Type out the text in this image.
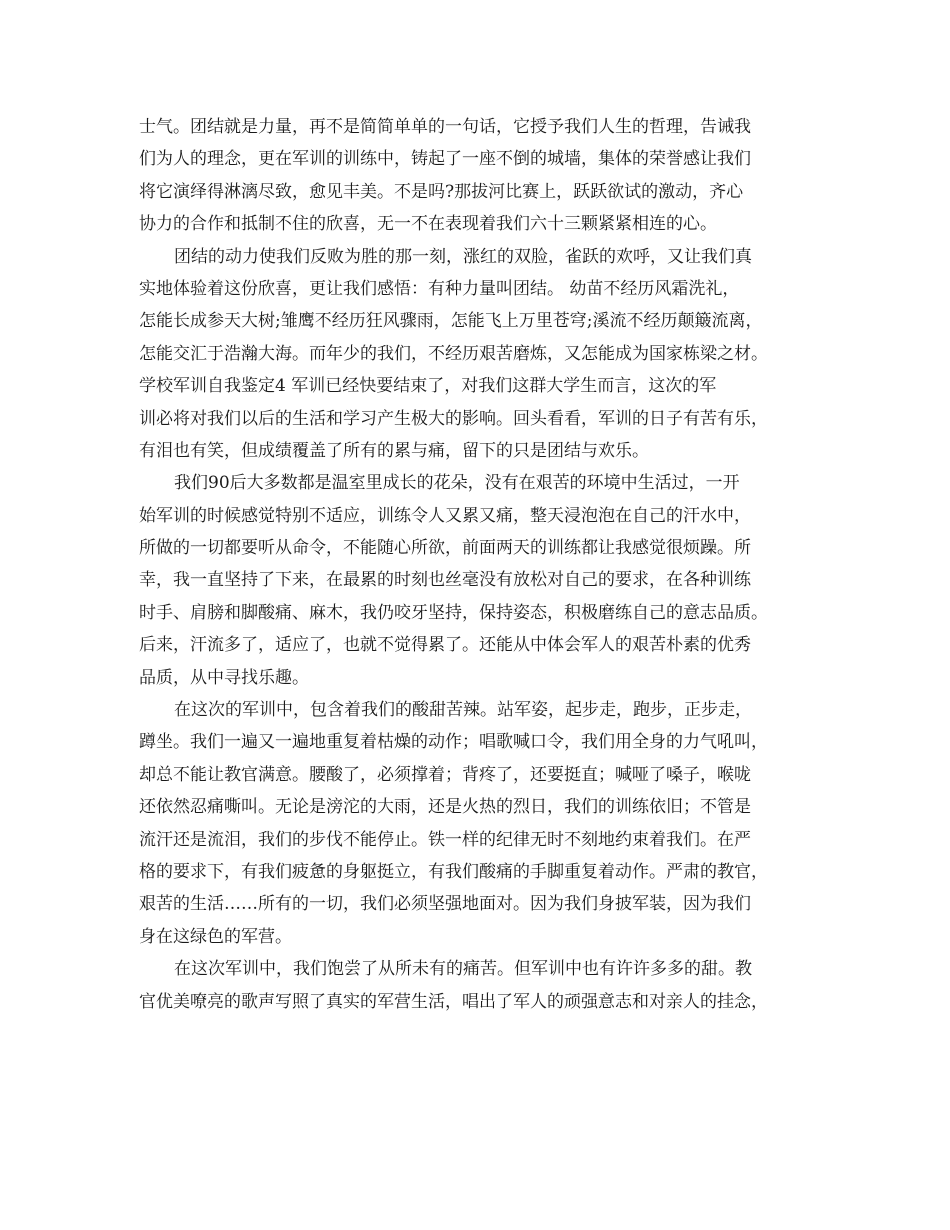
士气。团结就是力量，再不是简简单单的一句话，它授予我们人生的哲理，告诫我
们为人的理念，更在军训的训练中，铸起了一座不倒的城墙，集体的荣誉感让我们
将它演绎得淋漓尽致，愈见丰美。不是吗?那拔河比赛上，跃跃欲试的激动，齐心
协力的合作和抵制不住的欣喜，无一不在表现着我们六十三颗紧紧相连的心。
团结的动力使我们反败为胜的那一刻，涨红的双脸，雀跃的欢呼，又让我们真
实地体验着这份欣喜，更让我们感悟：有种力量叫团结。 幼苗不经历风霜洗礼，
怎能长成参天大树;雏鹰不经历狂风骤雨，怎能飞上万里苍穹;溪流不经历颠簸流离，
怎能交汇于浩瀚大海。而年少的我们，不经历艰苦磨炼，又怎能成为国家栋梁之材。
学校军训自我鉴定4 军训已经快要结束了，对我们这群大学生而言，这次的军
训必将对我们以后的生活和学习产生极大的影响。回头看看，军训的日子有苦有乐，
有泪也有笑，但成绩覆盖了所有的累与痛，留下的只是团结与欢乐。
我们90后大多数都是温室里成长的花朵，没有在艰苦的环境中生活过，一开
始军训的时候感觉特别不适应，训练令人又累又痛，整天浸泡泡在自己的汗水中，
所做的一切都要听从命令，不能随心所欲，前面两天的训练都让我感觉很烦躁。所
幸，我一直坚持了下来，在最累的时刻也丝毫没有放松对自己的要求，在各种训练
时手、肩膀和脚酸痛、麻木，我仍咬牙坚持，保持姿态，积极磨练自己的意志品质。
后来，汗流多了，适应了，也就不觉得累了。还能从中体会军人的艰苦朴素的优秀
品质，从中寻找乐趣。
在这次的军训中，包含着我们的酸甜苦辣。站军姿，起步走，跑步，正步走，
蹲坐。我们一遍又一遍地重复着枯燥的动作；唱歌喊口令，我们用全身的力气吼叫，
却总不能让教官满意。腰酸了，必须撑着；背疼了，还要挺直；喊哑了嗓子，喉咙
还依然忍痛嘶叫。无论是滂沱的大雨，还是火热的烈日，我们的训练依旧；不管是
流汗还是流泪，我们的步伐不能停止。铁一样的纪律无时不刻地约束着我们。在严
格的要求下，有我们疲惫的身躯挺立，有我们酸痛的手脚重复着动作。严肃的教官，
艰苦的生活……所有的一切，我们必须坚强地面对。因为我们身披军装，因为我们
身在这绿色的军营。
在这次军训中，我们饱尝了从所未有的痛苦。但军训中也有许许多多的甜。教
官优美嘹亮的歌声写照了真实的军营生活，唱出了军人的顽强意志和对亲人的挂念，
